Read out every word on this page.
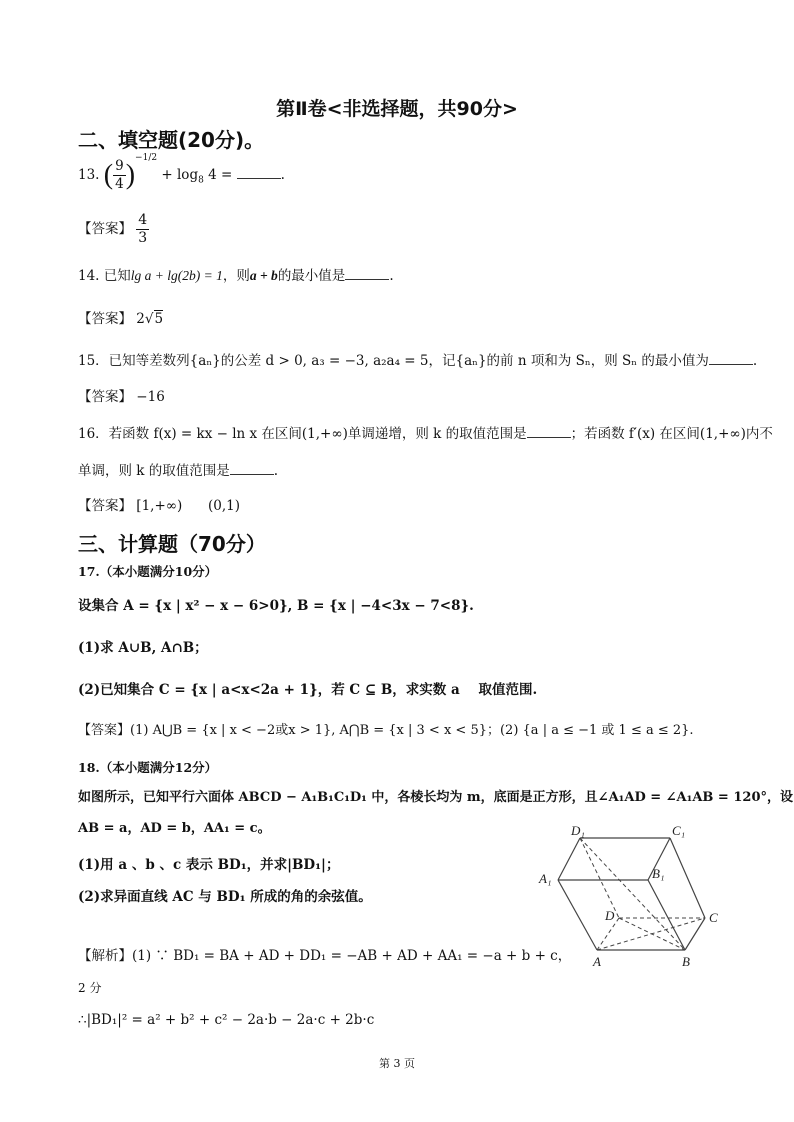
第Ⅱ卷<非选择题，共90分>
二、填空题(20分)。
13. ( $\frac{9}{4} )^{-1/2} + \log_8 4$ =	.
【答案】 $\frac{4}{3}$
14. 已知lg a + lg(2b) = 1，则a + b的最小值是	.
【答案】 2√5
15．已知等差数列{aₙ}的公差 d > 0, a₃ = −3, a₂a₄ = 5，记{aₙ}的前 n 项和为 Sₙ，则 Sₙ 的最小值为	.
【答案】 −16
16．若函数 f(x) = kx − ln x 在区间(1,+∞)单调递增，则 k 的取值范围是	；若函数 f′(x) 在区间(1,+∞)内不
单调，则 k 的取值范围是	.
【答案】 [1,+∞) (0,1)
三、计算题（70分）
17.（本小题满分10分）
设集合 A = {x | x² − x − 6>0}, B = {x | −4<3x − 7<8}.
(1)求 A∪B, A∩B；
(2)已知集合 C = {x | a<x<2a + 1}，若 C ⊆ B，求实数 a 取值范围.
【答案】(1) A⋃B = {x | x < −2或x > 1}, A⋂B = {x | 3 < x < 5}；(2) {a | a ≤ −1 或 1 ≤ a ≤ 2}.
18.（本小题满分12分）
如图所示，已知平行六面体 ABCD − A₁B₁C₁D₁ 中，各棱长均为 m，底面是正方形，且∠A₁AD = ∠A₁AB = 120°，设
AB = a，AD = b，AA₁ = c。
(1)用 a 、b 、c 表示 BD₁，并求|BD₁|；
(2)求异面直线 AC 与 BD₁ 所成的角的余弦值。
【解析】(1) ∵ BD₁ = BA + AD + DD₁ = −AB + AD + AA₁ = −a + b + c，
2 分
∴|BD₁|² = a² + b² + c² − 2a·b − 2a·c + 2b·c
D₁	C₁
A₁	B₁
D	C
A	B
第 3 页
